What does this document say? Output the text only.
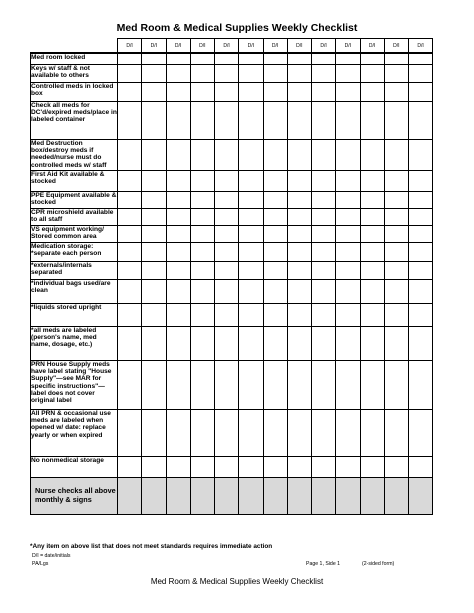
Med Room & Medical Supplies Weekly Checklist
	D/I	D/I	D/I	D/I	D/I	D/I	D/I	D/I	D/I	D/I	D/I	D/I	D/I
Med room locked													
Keys w/ staff & not available to others													
Controlled meds in locked box													
Check all meds for DC'd/expired meds/place in labeled container													
Med Destruction box/destroy meds if needed/nurse must do controlled meds w/ staff													
First Aid Kit available & stocked													
PPE Equipment available & stocked													
CPR microshield available to all staff													
VS equipment working/ Stored common area													
Medication storage: *separate each person													
*externals/internals separated													
*individual bags used/are clean													
*liquids stored upright													
*all meds are labeled (person's name, med name, dosage, etc.)													
PRN House Supply meds have label stating "House Supply"—see MAR for specific instructions"—label does not cover original label													
All PRN & occasional use meds are labeled when opened w/ date: replace yearly or when expired													
No nonmedical storage													
Nurse checks all above monthly & signs													
*Any item on above list that does not meet standards requires immediate action
D/I = date/initials
PA/Lgs	Page 1, Side 1	(2-sided form)
Med Room & Medical Supplies Weekly Checklist
